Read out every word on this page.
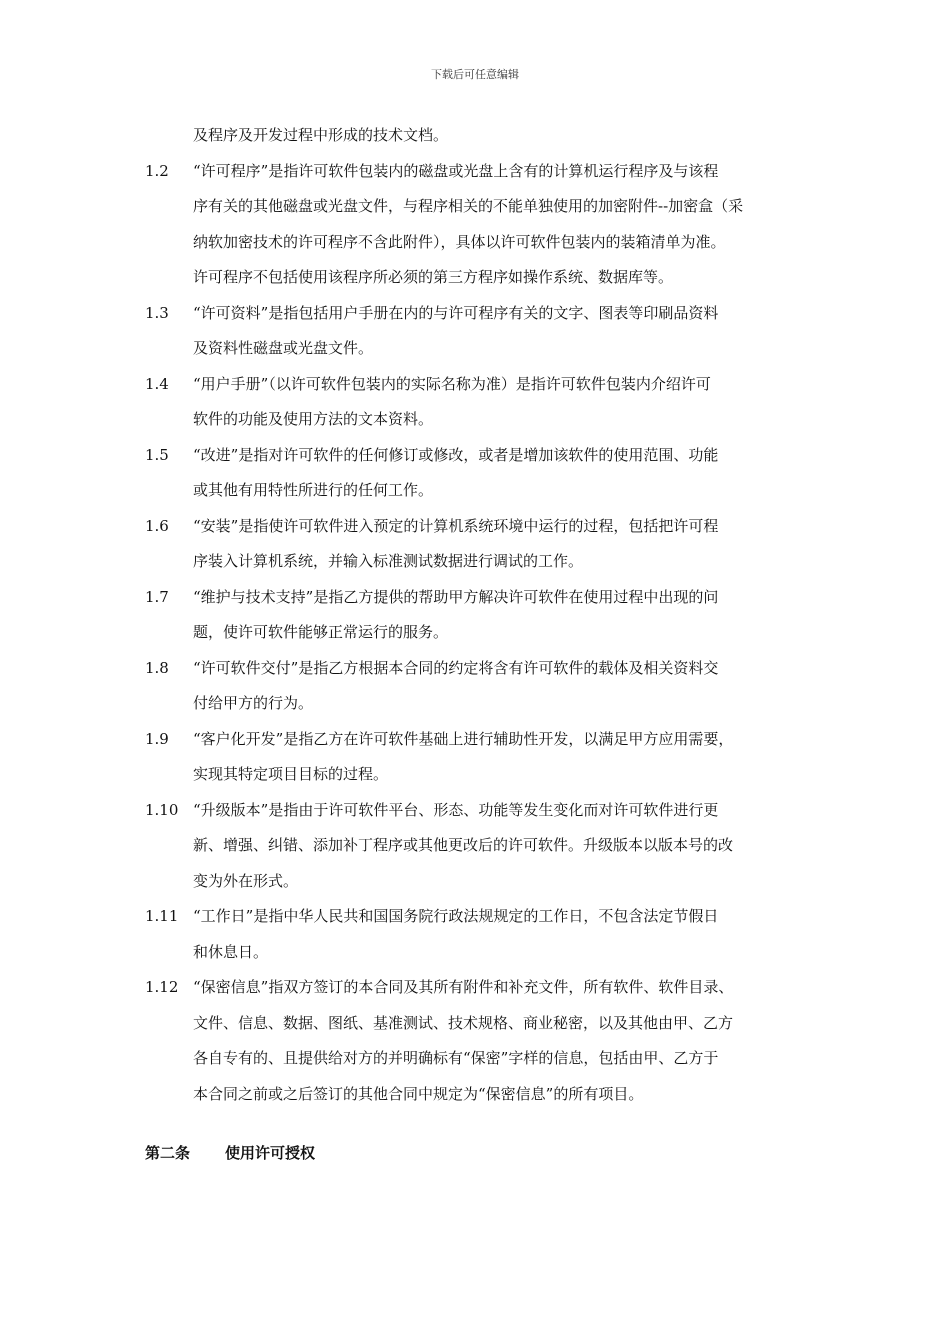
下载后可任意编辑
及程序及开发过程中形成的技术文档。
1.2 “许可程序”是指许可软件包装内的磁盘或光盘上含有的计算机运行程序及与该程
序有关的其他磁盘或光盘文件，与程序相关的不能单独使用的加密附件--加密盒（采
纳软加密技术的许可程序不含此附件），具体以许可软件包装内的装箱清单为准。
许可程序不包括使用该程序所必须的第三方程序如操作系统、数据库等。
1.3 “许可资料”是指包括用户手册在内的与许可程序有关的文字、图表等印刷品资料
及资料性磁盘或光盘文件。
1.4 “用户手册”（以许可软件包装内的实际名称为准）是指许可软件包装内介绍许可
软件的功能及使用方法的文本资料。
1.5 “改进”是指对许可软件的任何修订或修改，或者是增加该软件的使用范围、功能
或其他有用特性所进行的任何工作。
1.6 “安装”是指使许可软件进入预定的计算机系统环境中运行的过程，包括把许可程
序装入计算机系统，并输入标准测试数据进行调试的工作。
1.7 “维护与技术支持”是指乙方提供的帮助甲方解决许可软件在使用过程中出现的问
题，使许可软件能够正常运行的服务。
1.8 “许可软件交付”是指乙方根据本合同的约定将含有许可软件的载体及相关资料交
付给甲方的行为。
1.9 “客户化开发”是指乙方在许可软件基础上进行辅助性开发，以满足甲方应用需要，
实现其特定项目目标的过程。
1.10 “升级版本”是指由于许可软件平台、形态、功能等发生变化而对许可软件进行更
新、增强、纠错、添加补丁程序或其他更改后的许可软件。升级版本以版本号的改
变为外在形式。
1.11 “工作日”是指中华人民共和国国务院行政法规规定的工作日，不包含法定节假日
和休息日。
1.12 “保密信息”指双方签订的本合同及其所有附件和补充文件，所有软件、软件目录、
文件、信息、数据、图纸、基准测试、技术规格、商业秘密，以及其他由甲、乙方
各自专有的、且提供给对方的并明确标有“保密”字样的信息，包括由甲、乙方于
本合同之前或之后签订的其他合同中规定为“保密信息”的所有项目。
第二条 使用许可授权
